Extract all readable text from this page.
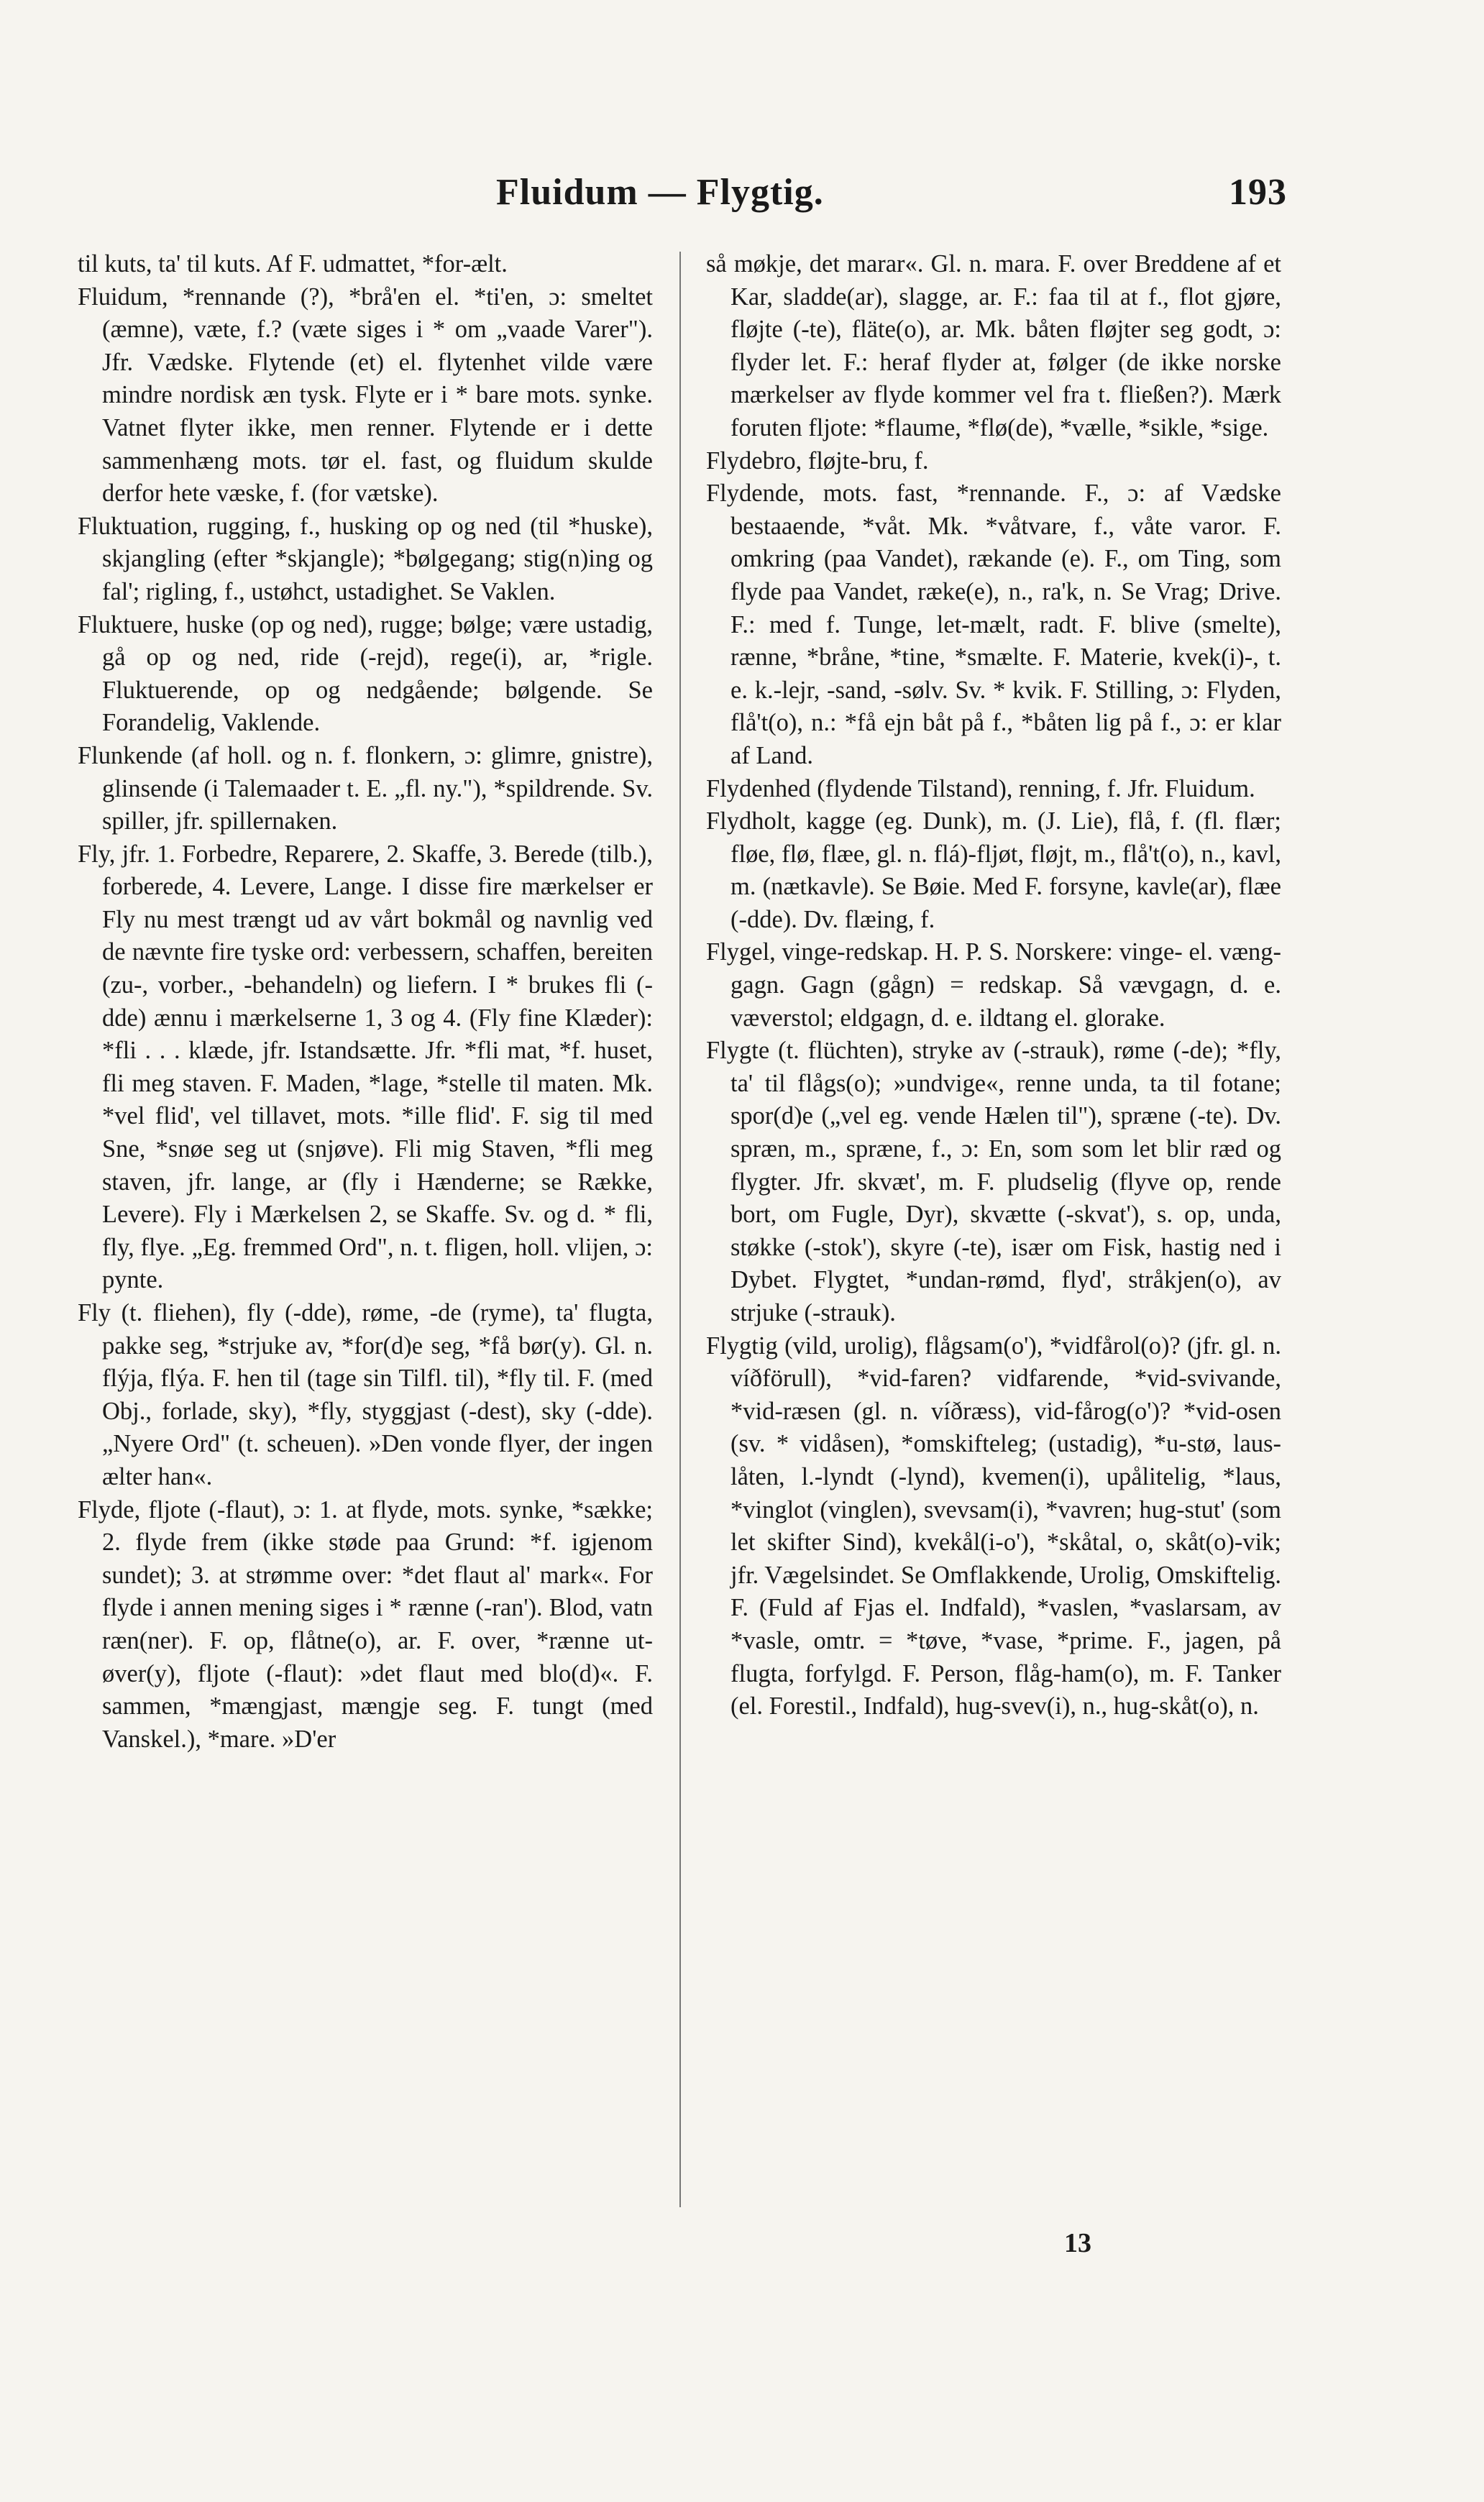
Fluidum — Flygtig.	193

til kuts, ta' til kuts. Af F. udmattet, *for-ælt.

Fluidum, *rennande (?), *brå'en el. *ti'en, ɔ: smeltet (æmne), væte, f.? (væte siges i * om „vaade Varer"). Jfr. Vædske. Flytende (et) el. flytenhet vilde være mindre nordisk æn tysk. Flyte er i * bare mots. synke. Vatnet flyter ikke, men renner. Flytende er i dette sammenhæng mots. tør el. fast, og fluidum skulde derfor hete væske, f. (for vætske).

Fluktuation, rugging, f., husking op og ned (til *huske), skjangling (efter *skjangle); *bølgegang; stig(n)ing og fal'; rigling, f., ustøhct, ustadighet. Se Vaklen.

Fluktuere, huske (op og ned), rugge; bølge; være ustadig, gå op og ned, ride (-rejd), rege(i), ar, *rigle. Fluktuerende, op og nedgående; bølgende. Se Forandelig, Vaklende.

Flunkende (af holl. og n. f. flonkern, ɔ: glimre, gnistre), glinsende (i Talemaader t. E. „fl. ny."), *spildrende. Sv. spiller, jfr. spillernaken.

Fly, jfr. 1. Forbedre, Reparere, 2. Skaffe, 3. Berede (tilb.), forberede, 4. Levere, Lange. I disse fire mærkelser er Fly nu mest trængt ud av vårt bokmål og navnlig ved de nævnte fire tyske ord: verbessern, schaffen, bereiten (zu-, vorber., -behandeln) og liefern. I * brukes fli (-dde) ænnu i mærkelserne 1, 3 og 4. (Fly fine Klæder): *fli . . . klæde, jfr. Istandsætte. Jfr. *fli mat, *f. huset, fli meg staven. F. Maden, *lage, *stelle til maten. Mk. *vel flid', vel tillavet, mots. *ille flid'. F. sig til med Sne, *snøe seg ut (snjøve). Fli mig Staven, *fli meg staven, jfr. lange, ar (fly i Hænderne; se Række, Levere). Fly i Mærkelsen 2, se Skaffe. Sv. og d. * fli, fly, flye. „Eg. fremmed Ord", n. t. fligen, holl. vlijen, ɔ: pynte.

Fly (t. fliehen), fly (-dde), røme, -de (ryme), ta' flugta, pakke seg, *strjuke av, *for(d)e seg, *få bør(y). Gl. n. flýja, flýa. F. hen til (tage sin Tilfl. til), *fly til. F. (med Obj., forlade, sky), *fly, styggjast (-dest), sky (-dde). „Nyere Ord" (t. scheuen). »Den vonde flyer, der ingen ælter han«.

Flyde, fljote (-flaut), ɔ: 1. at flyde, mots. synke, *sække; 2. flyde frem (ikke støde paa Grund: *f. igjenom sundet); 3. at strømme over: *det flaut al' mark«. For flyde i annen mening siges i * rænne (-ran'). Blod, vatn ræn(ner). F. op, flåtne(o), ar. F. over, *rænne ut-øver(y), fljote (-flaut): »det flaut med blo(d)«. F. sammen, *mængjast, mængje seg. F. tungt (med Vanskel.), *mare. »D'er

så møkje, det marar«. Gl. n. mara. F. over Breddene af et Kar, sladde(ar), slagge, ar. F.: faa til at f., flot gjøre, fløjte (-te), fläte(o), ar. Mk. båten fløjter seg godt, ɔ: flyder let. F.: heraf flyder at, følger (de ikke norske mærkelser av flyde kommer vel fra t. fließen?). Mærk foruten fljote: *flaume, *flø(de), *vælle, *sikle, *sige.

Flydebro, fløjte-bru, f.

Flydende, mots. fast, *rennande. F., ɔ: af Vædske bestaaende, *våt. Mk. *våtvare, f., våte varor. F. omkring (paa Vandet), rækande (e). F., om Ting, som flyde paa Vandet, ræke(e), n., ra'k, n. Se Vrag; Drive. F.: med f. Tunge, let-mælt, radt. F. blive (smelte), rænne, *bråne, *tine, *smælte. F. Materie, kvek(i)-, t. e. k.-lejr, -sand, -sølv. Sv. * kvik. F. Stilling, ɔ: Flyden, flå't(o), n.: *få ejn båt på f., *båten lig på f., ɔ: er klar af Land.

Flydenhed (flydende Tilstand), renning, f. Jfr. Fluidum.

Flydholt, kagge (eg. Dunk), m. (J. Lie), flå, f. (fl. flær; fløe, flø, flæe, gl. n. flá)-fljøt, fløjt, m., flå't(o), n., kavl, m. (nætkavle). Se Bøie. Med F. forsyne, kavle(ar), flæe (-dde). Dv. flæing, f.

Flygel, vinge-redskap. H. P. S. Norskere: vinge- el. væng-gagn. Gagn (gågn) = redskap. Så vævgagn, d. e. væverstol; eldgagn, d. e. ildtang el. glorake.

Flygte (t. flüchten), stryke av (-strauk), røme (-de); *fly, ta' til flågs(o); »undvige«, renne unda, ta til fotane; spor(d)e („vel eg. vende Hælen til"), spræne (-te). Dv. spræn, m., spræne, f., ɔ: En, som som let blir ræd og flygter. Jfr. skvæt', m. F. pludselig (flyve op, rende bort, om Fugle, Dyr), skvætte (-skvat'), s. op, unda, støkke (-stok'), skyre (-te), især om Fisk, hastig ned i Dybet. Flygtet, *undan-rømd, flyd', stråkjen(o), av strjuke (-strauk).

Flygtig (vild, urolig), flågsam(o'), *vidfårol(o)? (jfr. gl. n. víðförull), *vid-faren? vidfarende, *vid-svivande, *vid-ræsen (gl. n. víðræss), vid-fårog(o')? *vid-osen (sv. * vidåsen), *omskifteleg; (ustadig), *u-stø, laus-låten, l.-lyndt (-lynd), kvemen(i), upålitelig, *laus, *vinglot (vinglen), svevsam(i), *vavren; hug-stut' (som let skifter Sind), kvekål(i-o'), *skåtal, o, skåt(o)-vik; jfr. Vægelsindet. Se Omflakkende, Urolig, Omskiftelig. F. (Fuld af Fjas el. Indfald), *vaslen, *vaslarsam, av *vasle, omtr. = *tøve, *vase, *prime. F., jagen, på flugta, forfylgd. F. Person, flåg-ham(o), m. F. Tanker (el. Forestil., Indfald), hug-svev(i), n., hug-skåt(o), n.

13
